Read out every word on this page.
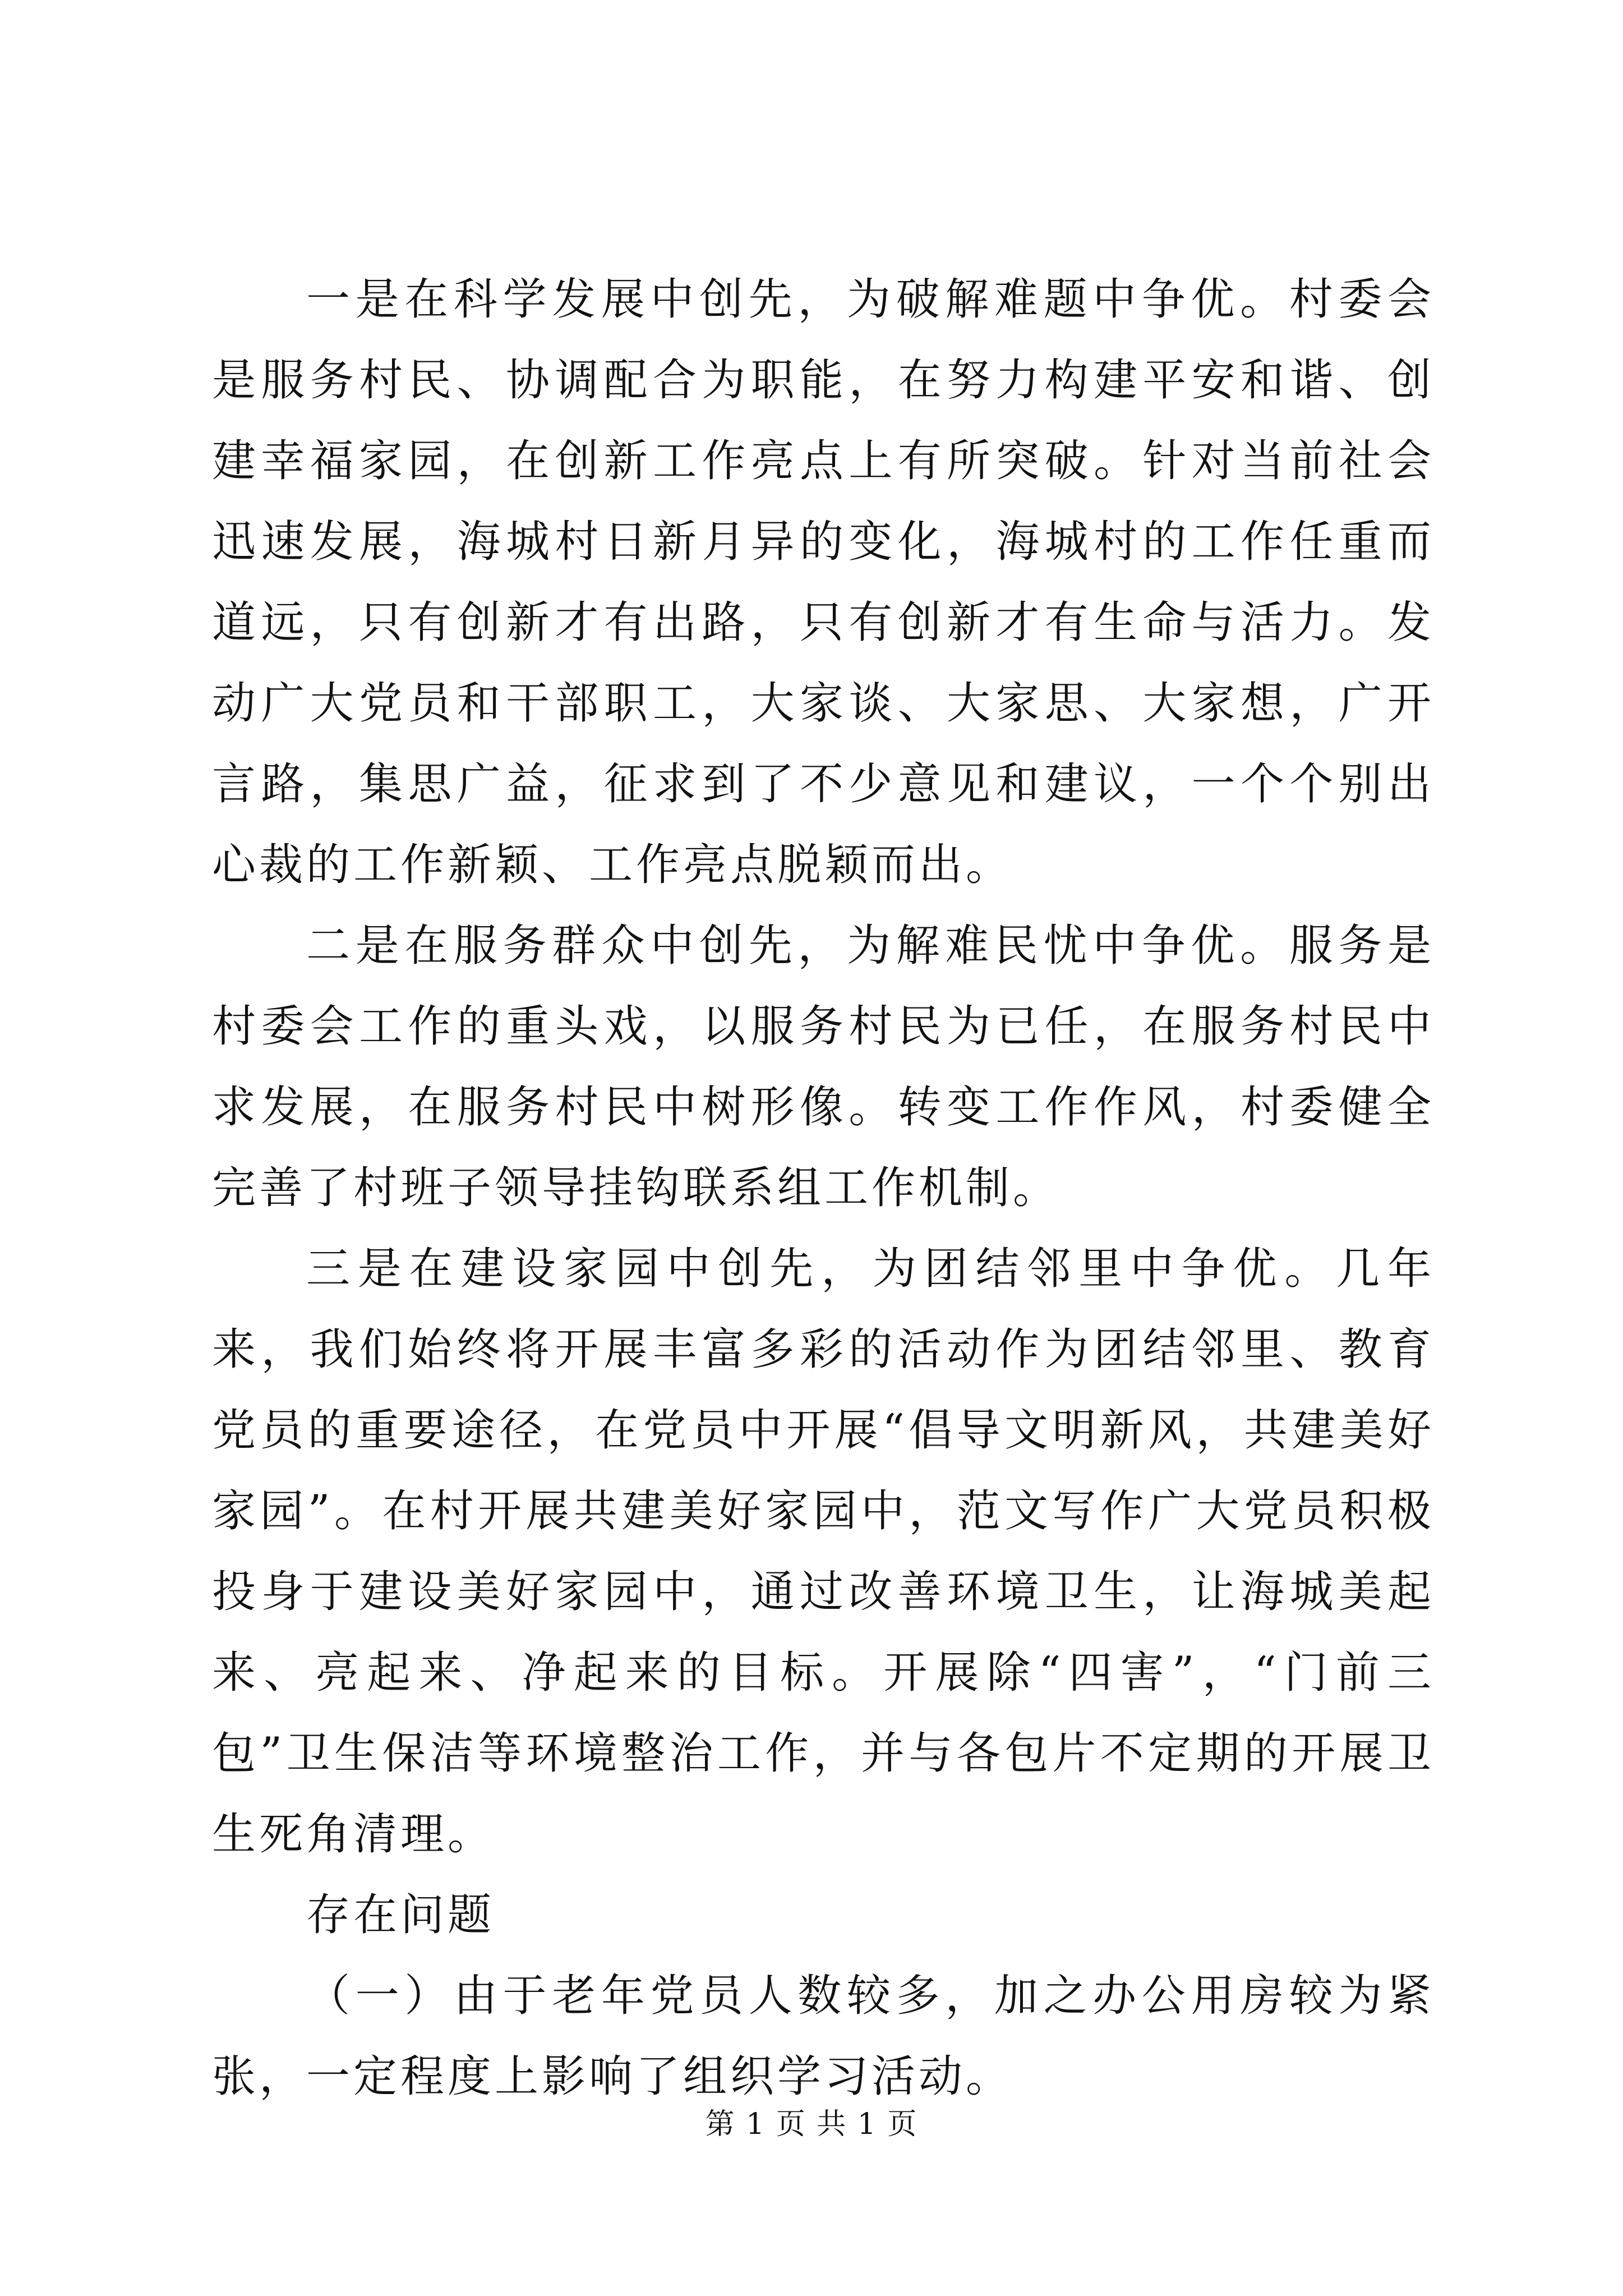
一是在科学发展中创先，为破解难题中争优。村委会是服务村民、协调配合为职能，在努力构建平安和谐、创建幸福家园，在创新工作亮点上有所突破。针对当前社会迅速发展，海城村日新月异的变化，海城村的工作任重而道远，只有创新才有出路，只有创新才有生命与活力。发动广大党员和干部职工，大家谈、大家思、大家想，广开言路，集思广益，征求到了不少意见和建议，一个个别出心裁的工作新颖、工作亮点脱颖而出。

二是在服务群众中创先，为解难民忧中争优。服务是村委会工作的重头戏，以服务村民为已任，在服务村民中求发展，在服务村民中树形像。转变工作作风，村委健全完善了村班子领导挂钩联系组工作机制。

三是在建设家园中创先，为团结邻里中争优。几年来，我们始终将开展丰富多彩的活动作为团结邻里、教育党员的重要途径，在党员中开展“倡导文明新风，共建美好家园”。在村开展共建美好家园中，范文写作广大党员积极投身于建设美好家园中，通过改善环境卫生，让海城美起来、亮起来、净起来的目标。开展除“四害”，“门前三包”卫生保洁等环境整治工作，并与各包片不定期的开展卫生死角清理。

存在问题

（一）由于老年党员人数较多，加之办公用房较为紧张，一定程度上影响了组织学习活动。

第 1 页 共 1 页
